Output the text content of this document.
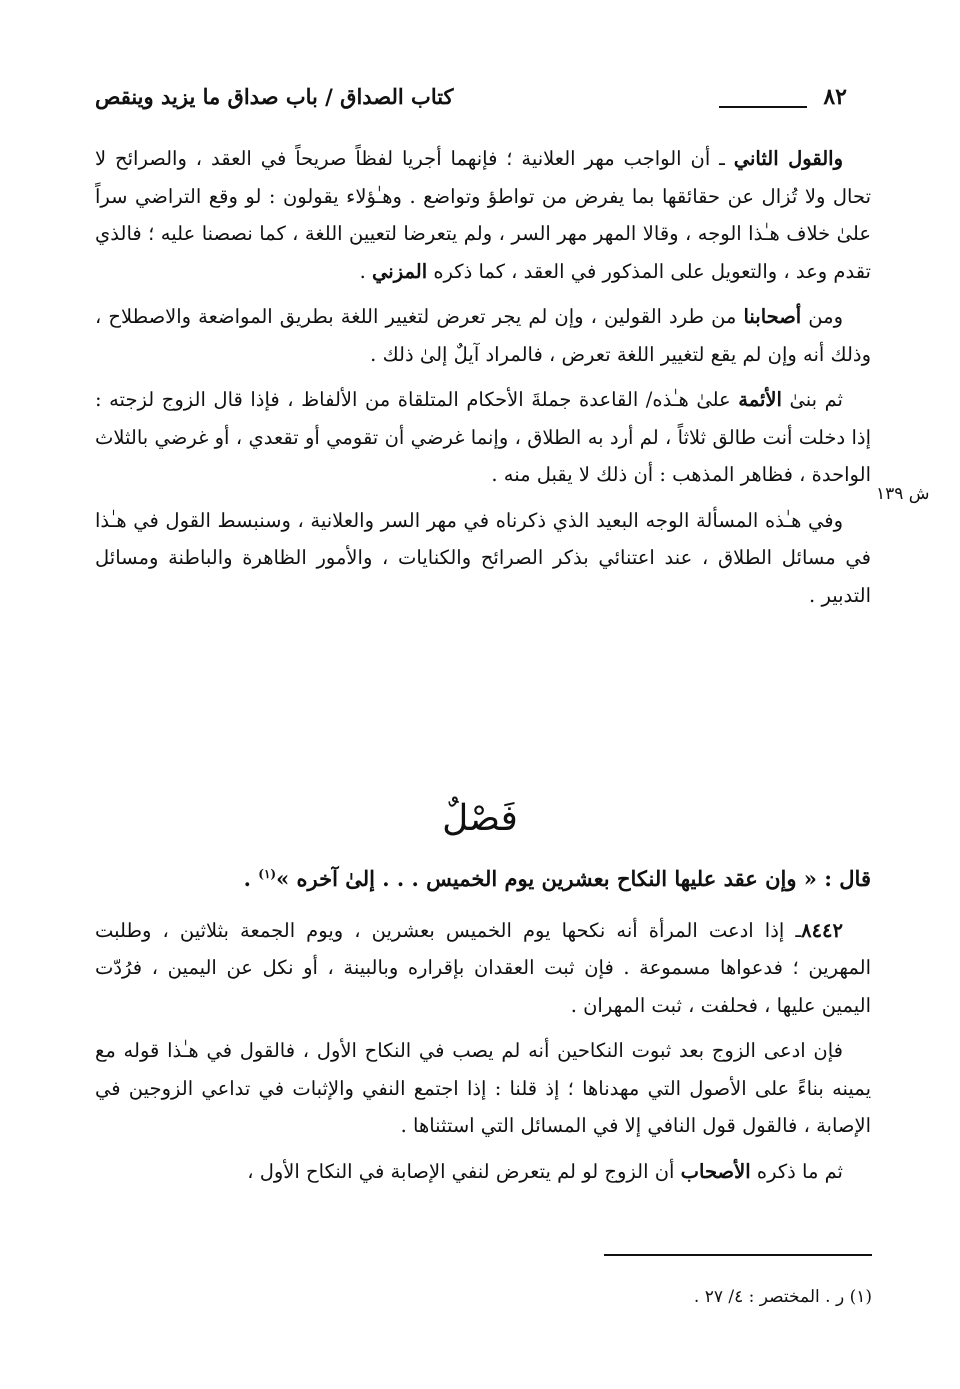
٨٢
كتاب الصداق / باب صداق ما يزيد وينقص
ش ١٣٩

والقول الثاني ـ أن الواجب مهر العلانية ؛ فإنهما أجريا لفظاً صريحاً في العقد ، والصرائح لا تحال ولا تُزال عن حقائقها بما يفرض من تواطؤ وتواضع . وهـٰؤلاء يقولون : لو وقع التراضي سراً علىٰ خلاف هـٰذا الوجه ، وقالا المهر مهر السر ، ولم يتعرضا لتعيين اللغة ، كما نصصنا عليه ؛ فالذي تقدم وعد ، والتعويل على المذكور في العقد ، كما ذكره المزني .

ومن أصحابنا من طرد القولين ، وإن لم يجر تعرض لتغيير اللغة بطريق المواضعة والاصطلاح ، وذلك أنه وإن لم يقع لتغيير اللغة تعرض ، فالمراد آيلٌ إلىٰ ذلك .

ثم بنىٰ الأئمة علىٰ هـٰذه/ القاعدة جملةَ الأحكام المتلقاة من الألفاظ ، فإذا قال الزوج لزجته : إذا دخلت أنت طالق ثلاثاً ، لم أرد به الطلاق ، وإنما غرضي أن تقومي أو تقعدي ، أو غرضي بالثلاث الواحدة ، فظاهر المذهب : أن ذلك لا يقبل منه .

وفي هـٰذه المسألة الوجه البعيد الذي ذكرناه في مهر السر والعلانية ، وسنبسط القول في هـٰذا في مسائل الطلاق ، عند اعتنائي بذكر الصرائح والكنايات ، والأمور الظاهرة والباطنة ومسائل التدبير .

فَصْلٌ

قال : « وإن عقد عليها النكاح بعشرين يوم الخميس . . . إلىٰ آخره »$^{(١)}$ .

٨٤٤٢ـ إذا ادعت المرأة أنه نكحها يوم الخميس بعشرين ، ويوم الجمعة بثلاثين ، وطلبت المهرين ؛ فدعواها مسموعة . فإن ثبت العقدان بإقراره وبالبينة ، أو نكل عن اليمين ، فرُدّت اليمين عليها ، فحلفت ، ثبت المهران .

فإن ادعى الزوج بعد ثبوت النكاحين أنه لم يصب في النكاح الأول ، فالقول في هـٰذا قوله مع يمينه بناءً على الأصول التي مهدناها ؛ إذ قلنا : إذا اجتمع النفي والإثبات في تداعي الزوجين في الإصابة ، فالقول قول النافي إلا في المسائل التي استثناها .

ثم ما ذكره الأصحاب أن الزوج لو لم يتعرض لنفي الإصابة في النكاح الأول ،

(١) ر . المختصر : ٤/ ٢٧ .
